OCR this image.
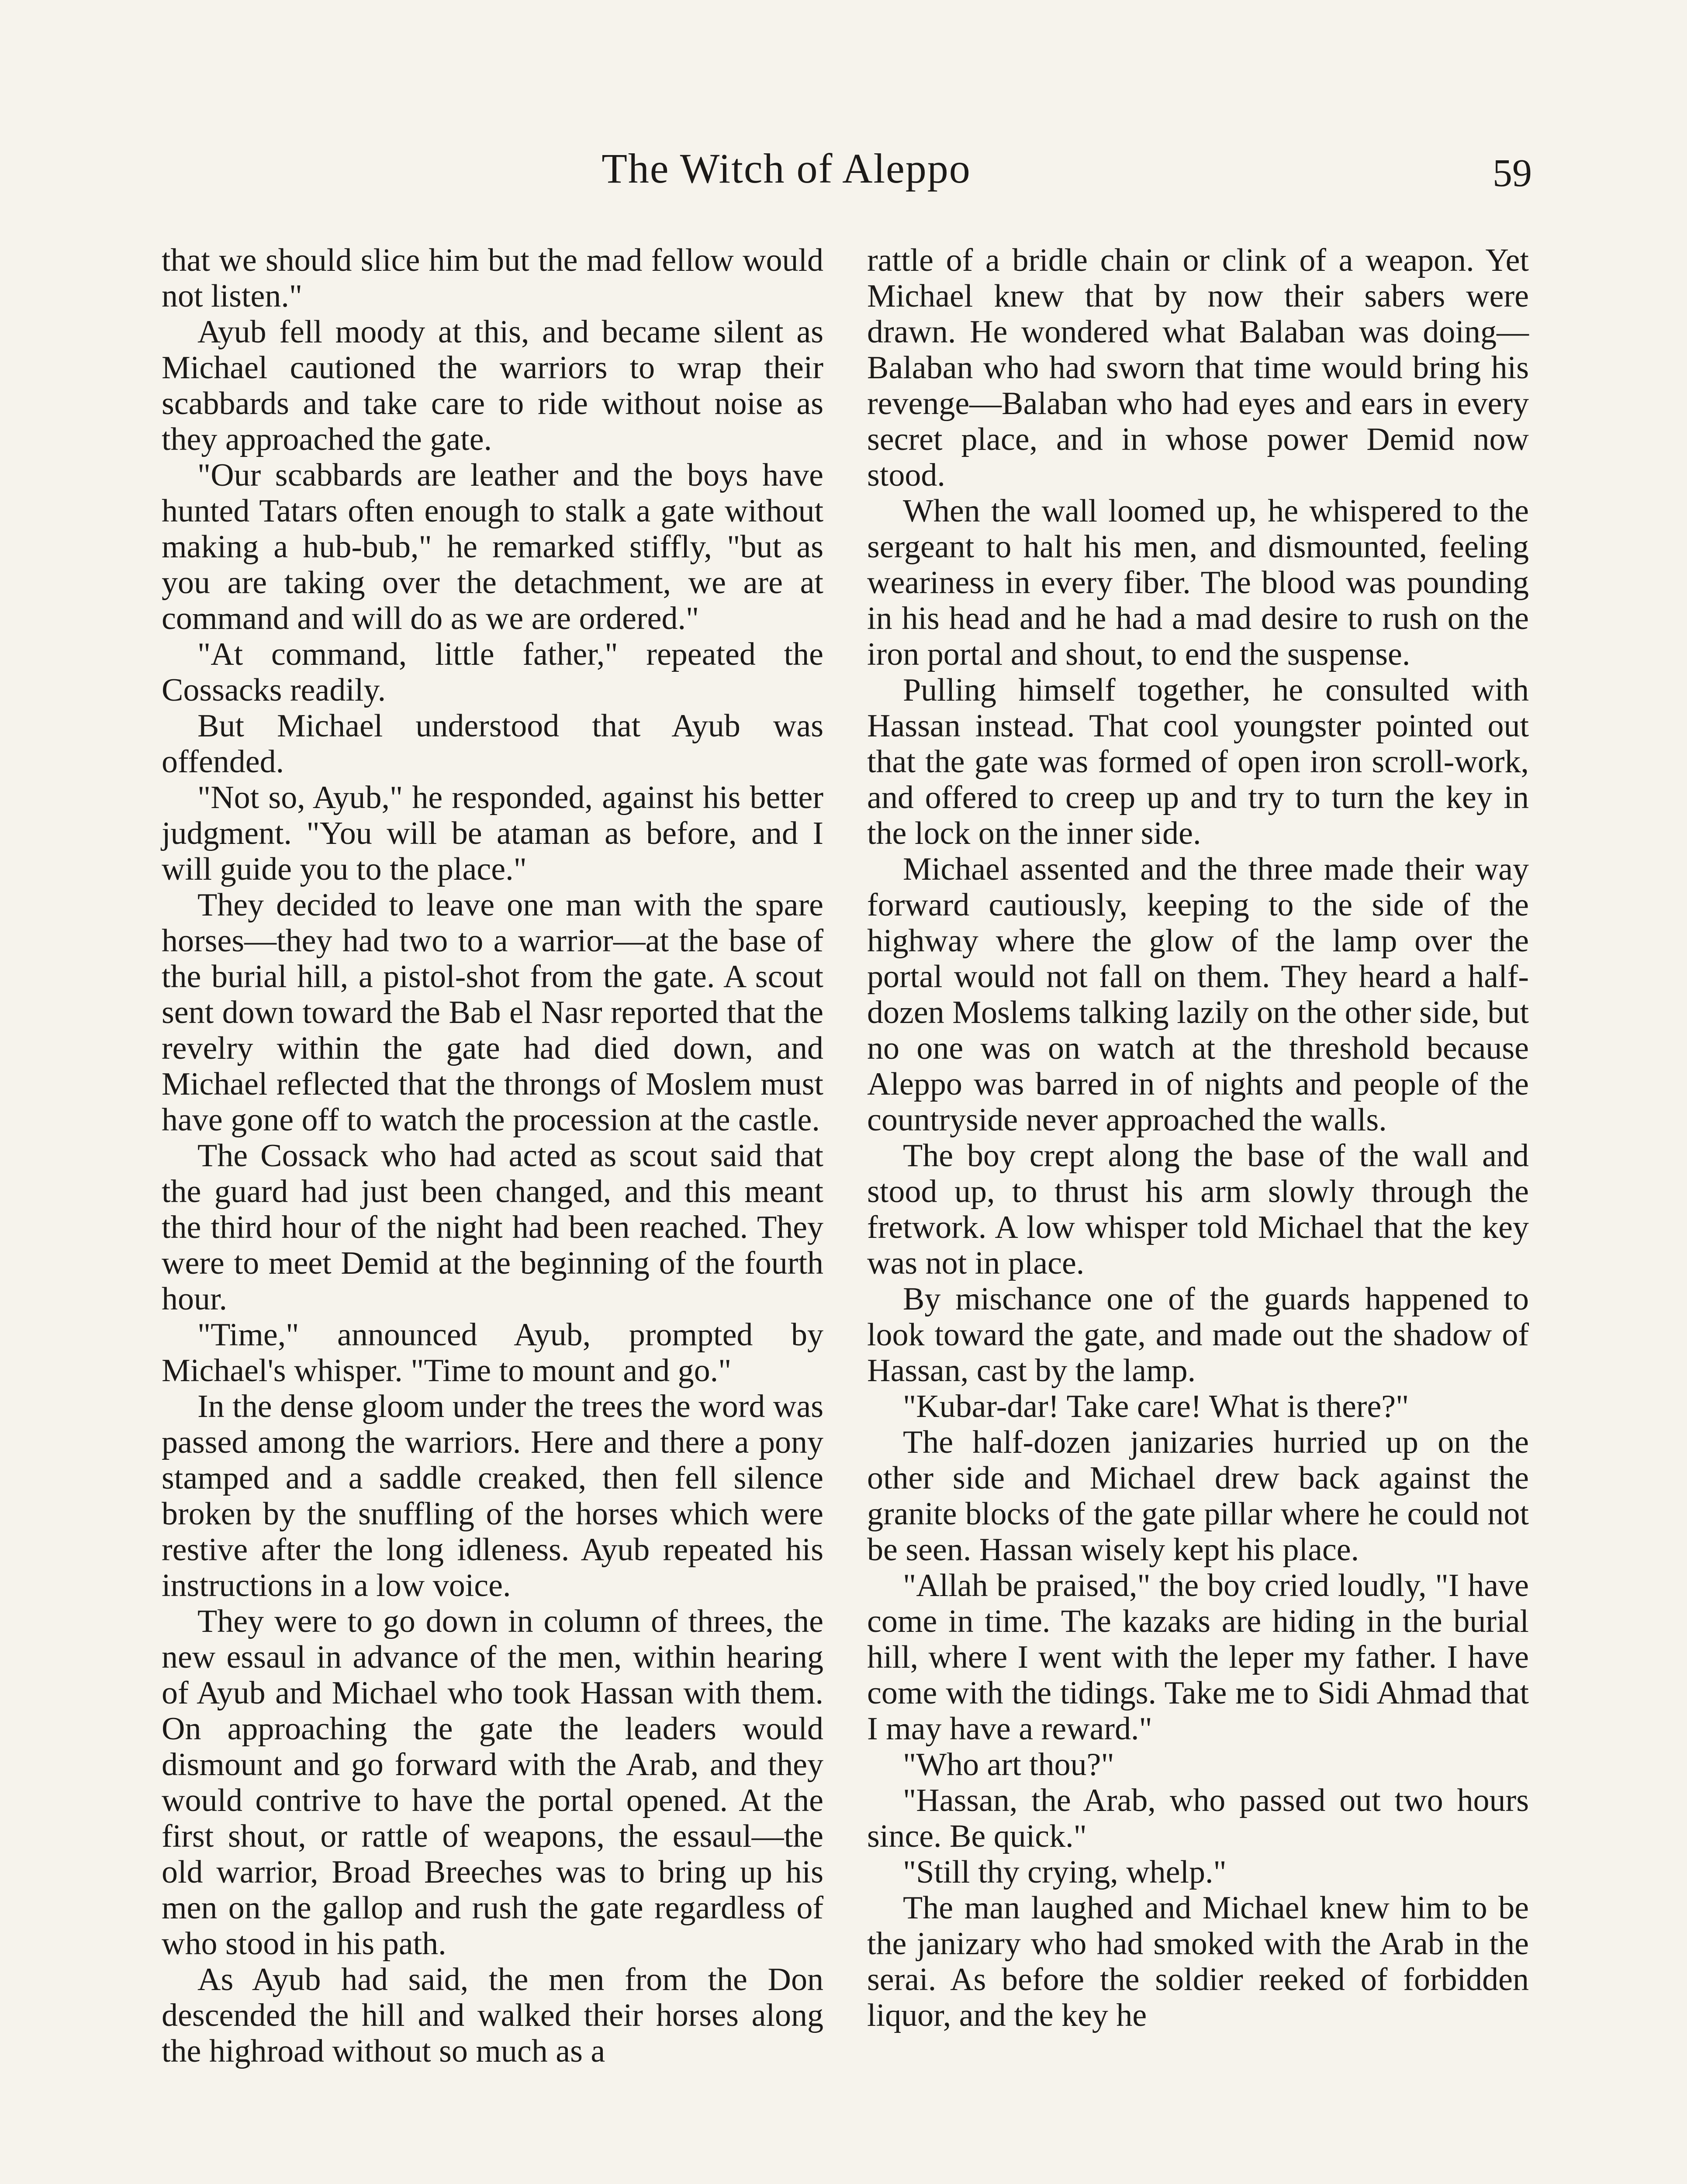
The Witch of Aleppo	59

that we should slice him but the mad fellow would not listen."

Ayub fell moody at this, and became silent as Michael cautioned the warriors to wrap their scabbards and take care to ride without noise as they approached the gate.

"Our scabbards are leather and the boys have hunted Tatars often enough to stalk a gate without making a hub-bub," he remarked stiffly, "but as you are taking over the detachment, we are at command and will do as we are ordered."

"At command, little father," repeated the Cossacks readily.

But Michael understood that Ayub was offended.

"Not so, Ayub," he responded, against his better judgment. "You will be ataman as before, and I will guide you to the place."

They decided to leave one man with the spare horses—they had two to a warrior—at the base of the burial hill, a pistol-shot from the gate. A scout sent down toward the Bab el Nasr reported that the revelry within the gate had died down, and Michael reflected that the throngs of Moslem must have gone off to watch the procession at the castle.

The Cossack who had acted as scout said that the guard had just been changed, and this meant the third hour of the night had been reached. They were to meet Demid at the beginning of the fourth hour.

"Time," announced Ayub, prompted by Michael's whisper. "Time to mount and go."

In the dense gloom under the trees the word was passed among the warriors. Here and there a pony stamped and a saddle creaked, then fell silence broken by the snuffling of the horses which were restive after the long idleness. Ayub repeated his instructions in a low voice.

They were to go down in column of threes, the new essaul in advance of the men, within hearing of Ayub and Michael who took Hassan with them. On approaching the gate the leaders would dismount and go forward with the Arab, and they would contrive to have the portal opened. At the first shout, or rattle of weapons, the essaul—the old warrior, Broad Breeches was to bring up his men on the gallop and rush the gate regardless of who stood in his path.

As Ayub had said, the men from the Don descended the hill and walked their horses along the highroad without so much as a

rattle of a bridle chain or clink of a weapon. Yet Michael knew that by now their sabers were drawn. He wondered what Balaban was doing—Balaban who had sworn that time would bring his revenge—Balaban who had eyes and ears in every secret place, and in whose power Demid now stood.

When the wall loomed up, he whispered to the sergeant to halt his men, and dismounted, feeling weariness in every fiber. The blood was pounding in his head and he had a mad desire to rush on the iron portal and shout, to end the suspense.

Pulling himself together, he consulted with Hassan instead. That cool youngster pointed out that the gate was formed of open iron scroll-work, and offered to creep up and try to turn the key in the lock on the inner side.

Michael assented and the three made their way forward cautiously, keeping to the side of the highway where the glow of the lamp over the portal would not fall on them. They heard a half-dozen Moslems talking lazily on the other side, but no one was on watch at the threshold because Aleppo was barred in of nights and people of the countryside never approached the walls.

The boy crept along the base of the wall and stood up, to thrust his arm slowly through the fretwork. A low whisper told Michael that the key was not in place.

By mischance one of the guards happened to look toward the gate, and made out the shadow of Hassan, cast by the lamp.

"Kubar-dar! Take care! What is there?"

The half-dozen janizaries hurried up on the other side and Michael drew back against the granite blocks of the gate pillar where he could not be seen. Hassan wisely kept his place.

"Allah be praised," the boy cried loudly, "I have come in time. The kazaks are hiding in the burial hill, where I went with the leper my father. I have come with the tidings. Take me to Sidi Ahmad that I may have a reward."

"Who art thou?"

"Hassan, the Arab, who passed out two hours since. Be quick."

"Still thy crying, whelp."

The man laughed and Michael knew him to be the janizary who had smoked with the Arab in the serai. As before the soldier reeked of forbidden liquor, and the key he
